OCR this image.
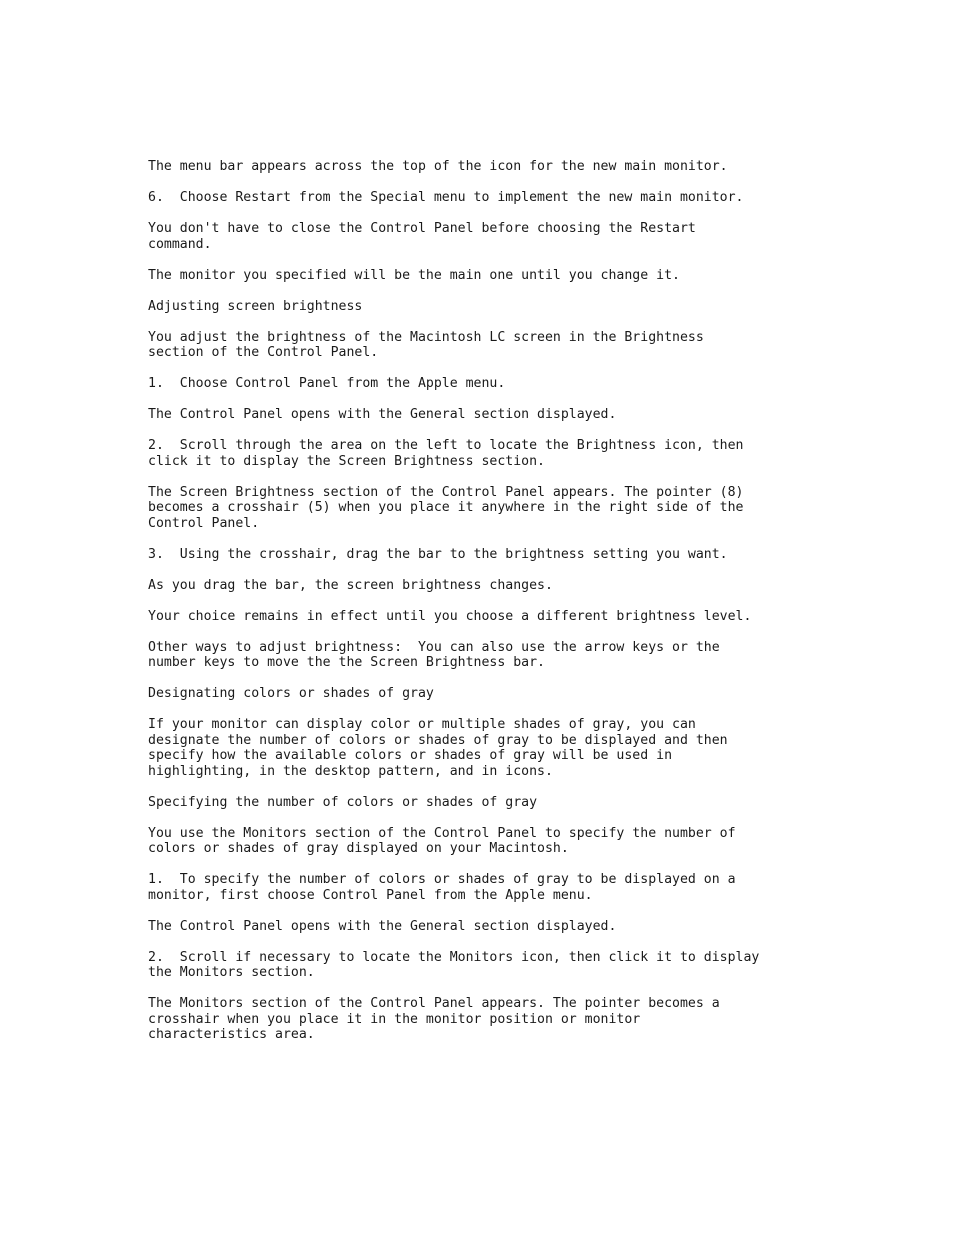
The menu bar appears across the top of the icon for the new main monitor.

6.  Choose Restart from the Special menu to implement the new main monitor.

You don't have to close the Control Panel before choosing the Restart
command.

The monitor you specified will be the main one until you change it.

Adjusting screen brightness

You adjust the brightness of the Macintosh LC screen in the Brightness
section of the Control Panel.

1.  Choose Control Panel from the Apple menu.

The Control Panel opens with the General section displayed.

2.  Scroll through the area on the left to locate the Brightness icon, then
click it to display the Screen Brightness section.

The Screen Brightness section of the Control Panel appears. The pointer (8)
becomes a crosshair (5) when you place it anywhere in the right side of the
Control Panel.

3.  Using the crosshair, drag the bar to the brightness setting you want.

As you drag the bar, the screen brightness changes.

Your choice remains in effect until you choose a different brightness level.

Other ways to adjust brightness:  You can also use the arrow keys or the
number keys to move the the Screen Brightness bar.

Designating colors or shades of gray

If your monitor can display color or multiple shades of gray, you can
designate the number of colors or shades of gray to be displayed and then
specify how the available colors or shades of gray will be used in
highlighting, in the desktop pattern, and in icons.

Specifying the number of colors or shades of gray

You use the Monitors section of the Control Panel to specify the number of
colors or shades of gray displayed on your Macintosh.

1.  To specify the number of colors or shades of gray to be displayed on a
monitor, first choose Control Panel from the Apple menu.

The Control Panel opens with the General section displayed.

2.  Scroll if necessary to locate the Monitors icon, then click it to display
the Monitors section.

The Monitors section of the Control Panel appears. The pointer becomes a
crosshair when you place it in the monitor position or monitor
characteristics area.
